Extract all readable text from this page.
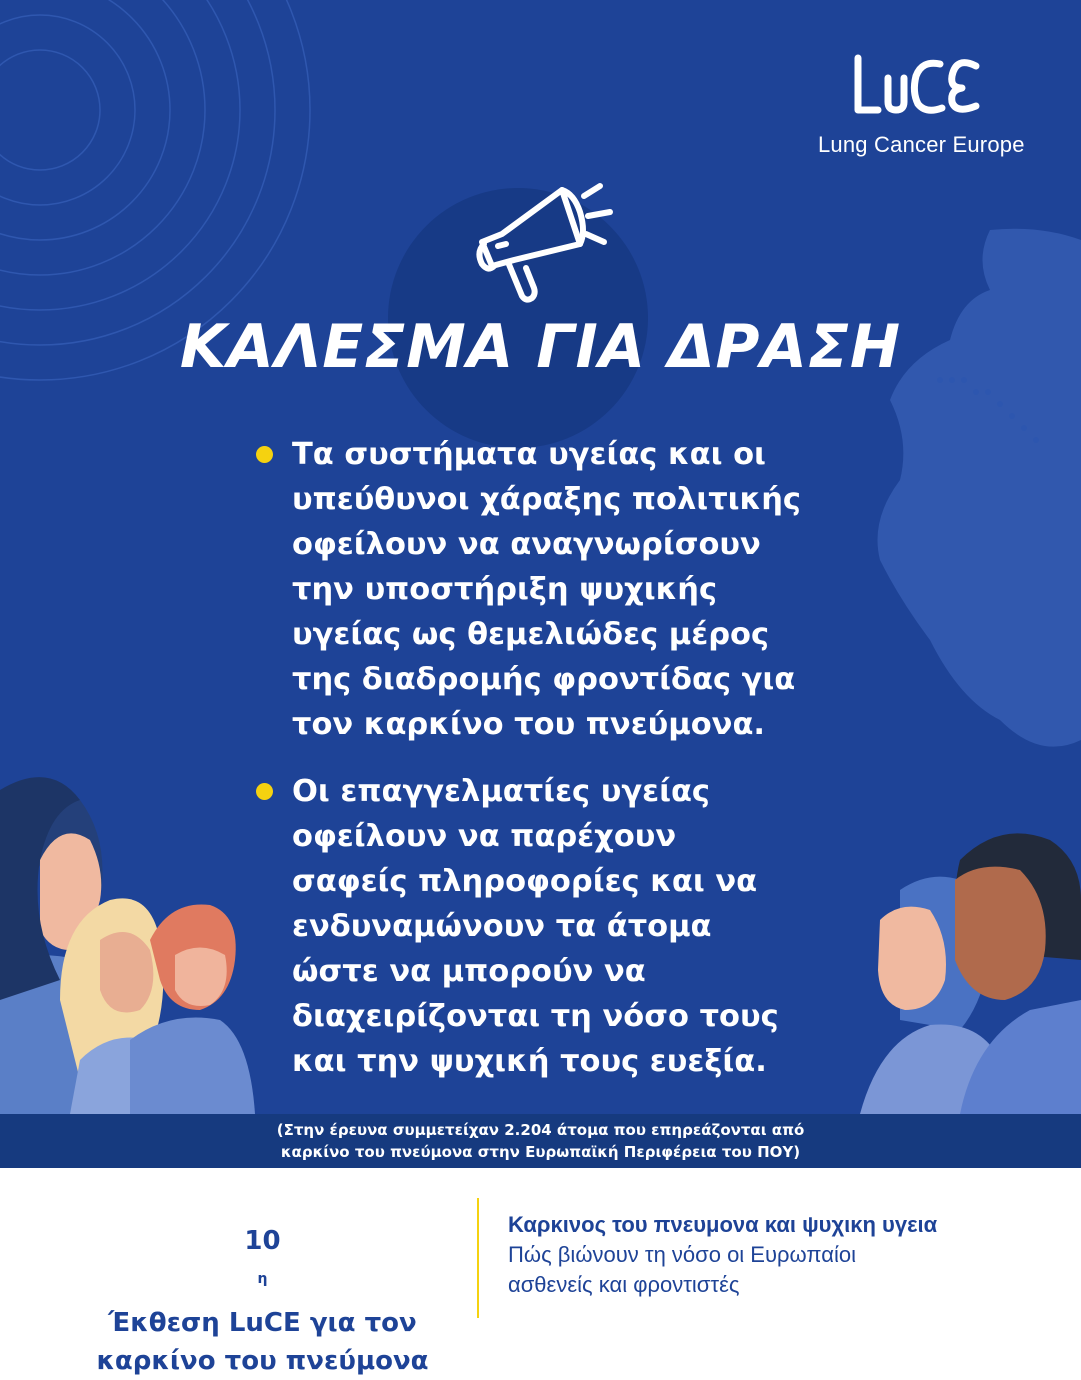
Lung Cancer Europe
ΚΑΛΕΣΜΑ ΓΙΑ ΔΡΑΣΗ
Τα συστήματα υγείας και οι
υπεύθυνοι χάραξης πολιτικής
οφείλουν να αναγνωρίσουν
την υποστήριξη ψυχικής
υγείας ως θεμελιώδες μέρος
της διαδρομής φροντίδας για
τον καρκίνο του πνεύμονα.
Οι επαγγελματίες υγείας
οφείλουν να παρέχουν
σαφείς πληροφορίες και να
ενδυναμώνουν τα άτομα
ώστε να μπορούν να
διαχειρίζονται τη νόσο τους
και την ψυχική τους ευεξία.
(Στην έρευνα συμμετείχαν 2.204 άτομα που επηρεάζονται από
καρκίνο του πνεύμονα στην Ευρωπαϊκή Περιφέρεια του ΠΟΥ)
10
$^\eta$
Έκθεση LuCE για τον
καρκίνο του πνεύμονα
Καρκινος του πνευμονα και ψυχικη υγεια
Πώς βιώνουν τη νόσο οι Ευρωπαίοι
ασθενείς και φροντιστές
